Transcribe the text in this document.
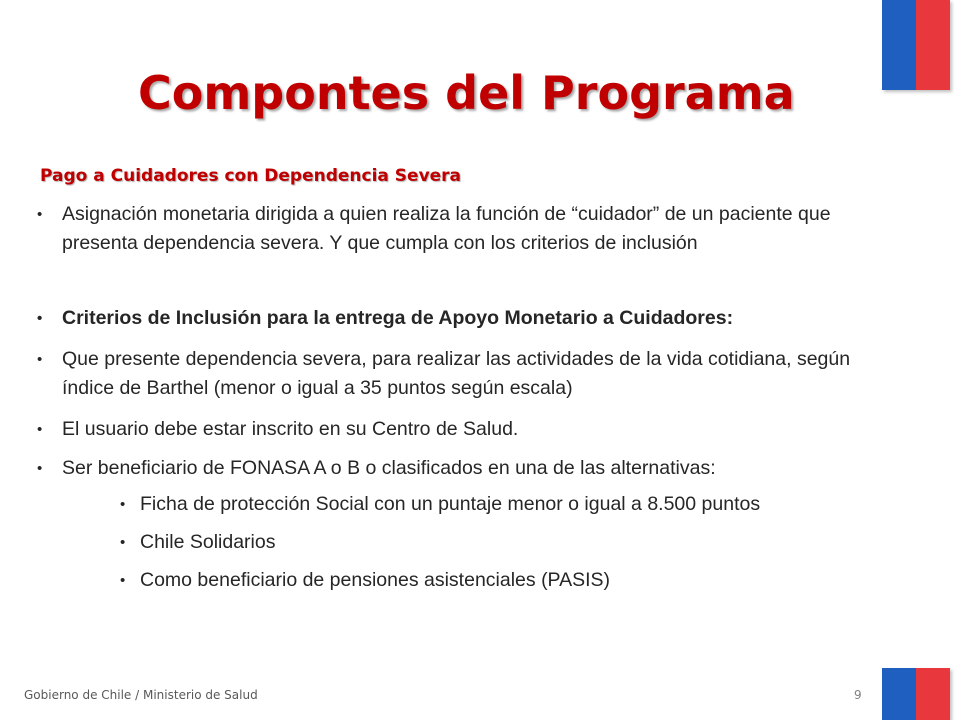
Compontes del Programa
Pago a Cuidadores con Dependencia Severa
• Asignación monetaria dirigida a quien realiza la función de “cuidador” de un paciente que presenta dependencia severa. Y que cumpla con los criterios de inclusión
• Criterios de Inclusión para la entrega de Apoyo Monetario a Cuidadores:
• Que presente dependencia severa, para realizar las actividades de la vida cotidiana, según índice de Barthel (menor o igual a 35 puntos según escala)
• El usuario debe estar inscrito en su Centro de Salud.
• Ser beneficiario de FONASA A o B o clasificados en una de las alternativas:
• Ficha de protección Social con un puntaje menor o igual a 8.500 puntos
• Chile Solidarios
• Como beneficiario de pensiones asistenciales (PASIS)
Gobierno de Chile / Ministerio de Salud	9
